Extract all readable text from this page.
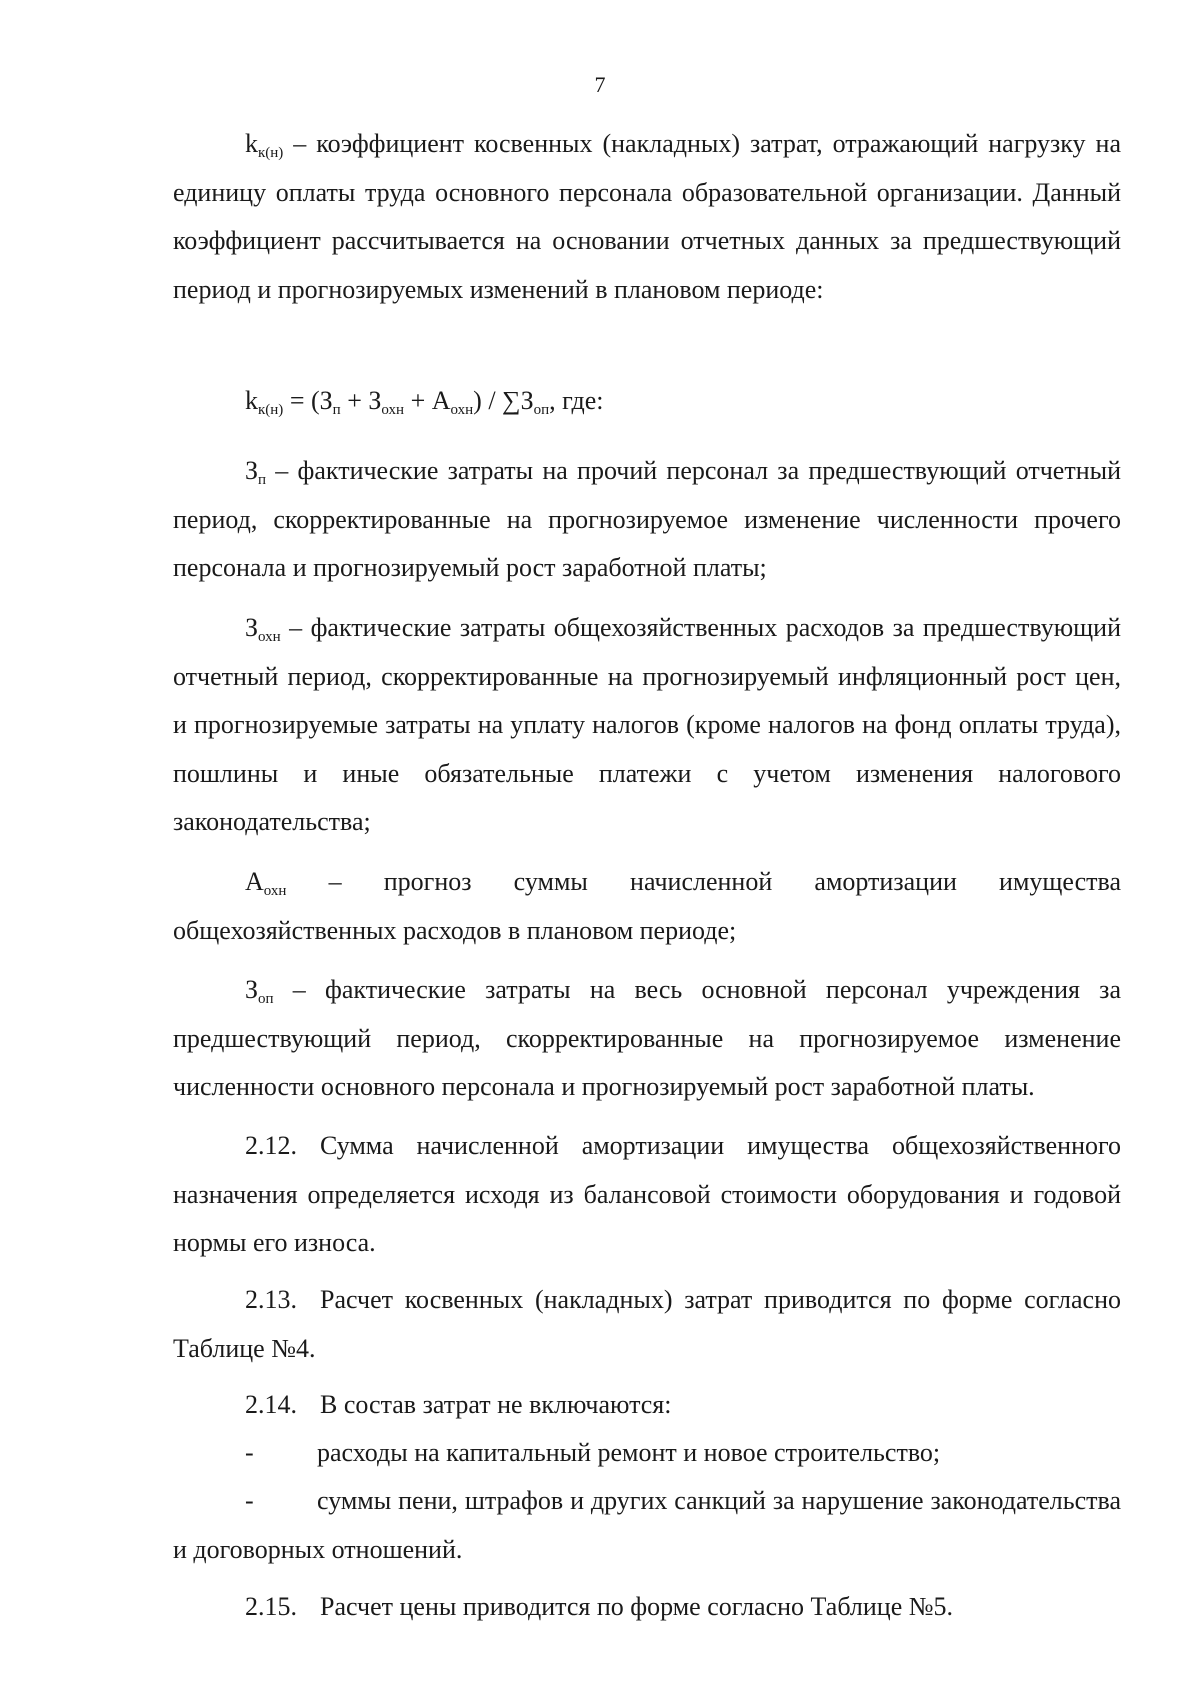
7

$k_{к(н)}$ – коэффициент косвенных (накладных) затрат, отражающий нагрузку на единицу оплаты труда основного персонала образовательной организации. Данный коэффициент рассчитывается на основании отчетных данных за предшествующий период и прогнозируемых изменений в плановом периоде:

$k_{к(н)} = (З_п + З_{охн} + А_{охн}) / \sum З_{оп}$, где:

$З_п$ – фактические затраты на прочий персонал за предшествующий отчетный период, скорректированные на прогнозируемое изменение численности прочего персонала и прогнозируемый рост заработной платы;

$З_{охн}$ – фактические затраты общехозяйственных расходов за предшествующий отчетный период, скорректированные на прогнозируемый инфляционный рост цен, и прогнозируемые затраты на уплату налогов (кроме налогов на фонд оплаты труда), пошлины и иные обязательные платежи с учетом изменения налогового законодательства;

$А_{охн}$ – прогноз суммы начисленной амортизации имущества общехозяйственных расходов в плановом периоде;

$З_{оп}$ – фактические затраты на весь основной персонал учреждения за предшествующий период, скорректированные на прогнозируемое изменение численности основного персонала и прогнозируемый рост заработной платы.

2.12. Сумма начисленной амортизации имущества общехозяйственного назначения определяется исходя из балансовой стоимости оборудования и годовой нормы его износа.

2.13. Расчет косвенных (накладных) затрат приводится по форме согласно Таблице №4.

2.14. В состав затрат не включаются:

-	расходы на капитальный ремонт и новое строительство;
-	суммы пени, штрафов и других санкций за нарушение законодательства и договорных отношений.

2.15. Расчет цены приводится по форме согласно Таблице №5.
